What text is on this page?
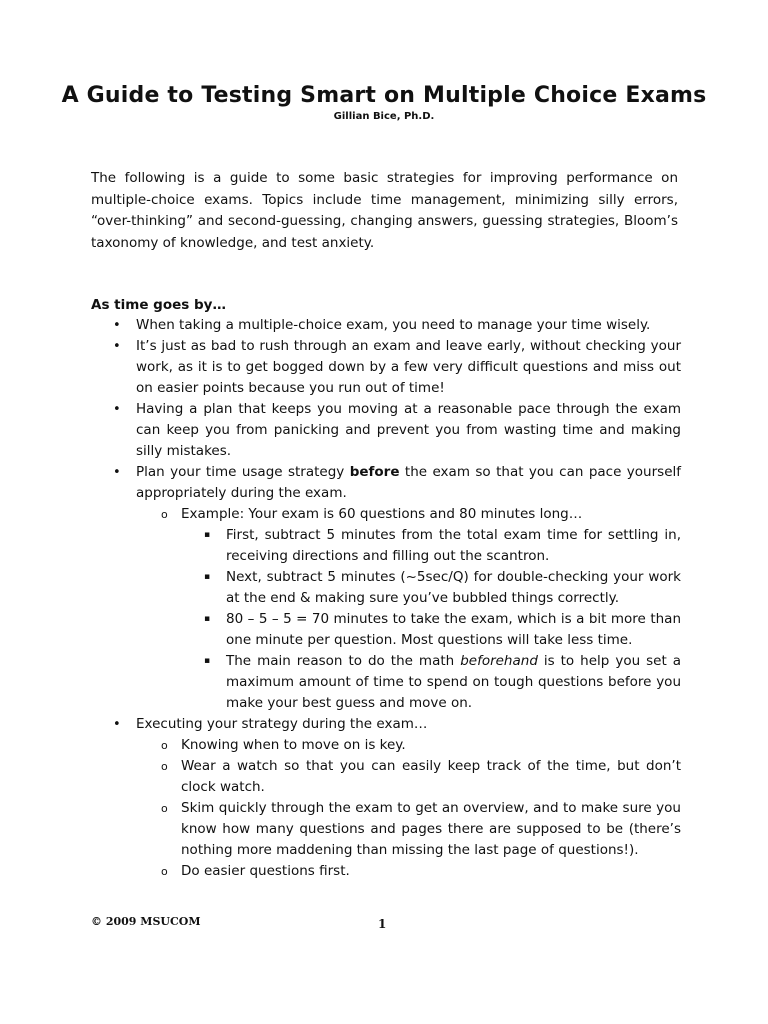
A Guide to Testing Smart on Multiple Choice Exams
Gillian Bice, Ph.D.

The following is a guide to some basic strategies for improving performance on multiple-choice exams. Topics include time management, minimizing silly errors, “over-thinking” and second-guessing, changing answers, guessing strategies, Bloom’s taxonomy of knowledge, and test anxiety.

As time goes by…
• When taking a multiple-choice exam, you need to manage your time wisely.
• It’s just as bad to rush through an exam and leave early, without checking your work, as it is to get bogged down by a few very difficult questions and miss out on easier points because you run out of time!
• Having a plan that keeps you moving at a reasonable pace through the exam can keep you from panicking and prevent you from wasting time and making silly mistakes.
• Plan your time usage strategy before the exam so that you can pace yourself appropriately during the exam.
o Example: Your exam is 60 questions and 80 minutes long…
▪ First, subtract 5 minutes from the total exam time for settling in, receiving directions and filling out the scantron.
▪ Next, subtract 5 minutes (~5sec/Q) for double-checking your work at the end & making sure you’ve bubbled things correctly.
▪ 80 – 5 – 5 = 70 minutes to take the exam, which is a bit more than one minute per question. Most questions will take less time.
▪ The main reason to do the math beforehand is to help you set a maximum amount of time to spend on tough questions before you make your best guess and move on.
• Executing your strategy during the exam…
o Knowing when to move on is key.
o Wear a watch so that you can easily keep track of the time, but don’t clock watch.
o Skim quickly through the exam to get an overview, and to make sure you know how many questions and pages there are supposed to be (there’s nothing more maddening than missing the last page of questions!).
o Do easier questions first.
© 2009 MSUCOM	1
